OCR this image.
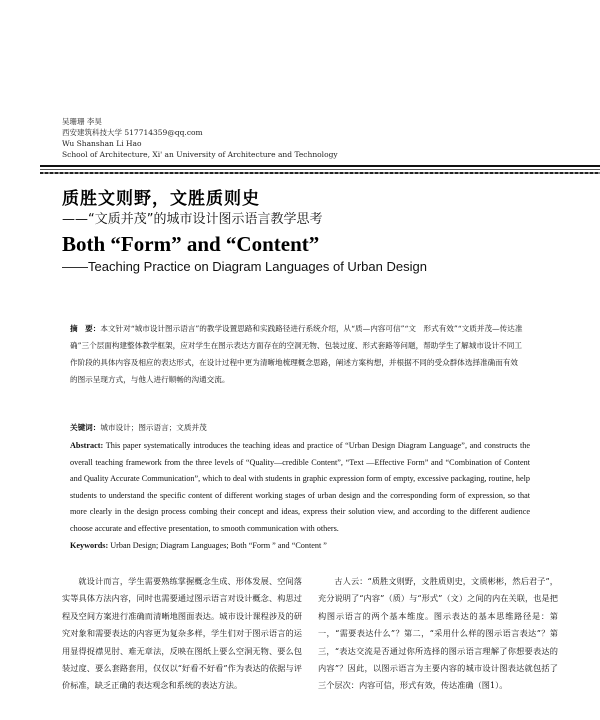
吴珊珊 李昊
西安建筑科技大学 517714359@qq.com
Wu Shanshan Li Hao
School of Architecture, Xi' an University of Architecture and Technology
质胜文则野，文胜质则史
——“文质并茂”的城市设计图示语言教学思考
Both “Form” and “Content”
——Teaching Practice on Diagram Languages of Urban Design
摘　要：本文针对“城市设计图示语言”的教学设置思路和实践路径进行系统介绍，从“质—内容可信”“文　形式有效”“文质并茂—传达准确”三个层面构建整体教学框架，应对学生在图示表达方面存在的空洞无物、包装过度、形式套路等问题，帮助学生了解城市设计不同工作阶段的具体内容及相应的表达形式，在设计过程中更为清晰地梳理概念思路，阐述方案构想，并根据不同的受众群体选择准确而有效的图示呈现方式，与他人进行顺畅的沟通交流。
关键词：城市设计；图示语言；文质并茂
Abstract: This paper systematically introduces the teaching ideas and practice of “Urban Design Diagram Language”, and constructs the overall teaching framework from the three levels of “Quality—credible Content”, “Text —Effective Form” and “Combination of Content and Quality Accurate Communication”, which to deal with students in graphic expression form of empty, excessive packaging, routine, help students to understand the specific content of different working stages of urban design and the corresponding form of expression, so that more clearly in the design process combing their concept and ideas, express their solution view, and according to the different audience choose accurate and effective presentation, to smooth communication with others.
Keywords: Urban Design; Diagram Languages; Both “Form ” and “Content ”

就设计而言，学生需要熟练掌握概念生成、形体发展、空间落实等具体方法内容，同时也需要通过图示语言对设计概念、构思过程及空间方案进行准确而清晰地图面表达。城市设计课程涉及的研究对象和需要表达的内容更为复杂多样，学生们对于图示语言的运用显得捉襟见肘、难无章法，反映在图纸上要么空洞无物、要么包装过度、要么套路套用，仅仅以“好看不好看”作为表达的依据与评价标准，缺乏正确的表达观念和系统的表达方法。

古人云：“质胜文则野，文胜质则史，文质彬彬，然后君子”，充分说明了“内容”（质）与“形式”（文）之间的内在关联，也是把构图示语言的两个基本维度。图示表达的基本思维路径是：第一，“需要表达什么”？第二，“采用什么样的图示语言表达”？第三，“表达交流是否通过你所选择的图示语言理解了你想要表达的内容”？因此，以图示语言为主要内容的城市设计图表达就包括了三个层次：内容可信，形式有效，传达准确（图1）。
